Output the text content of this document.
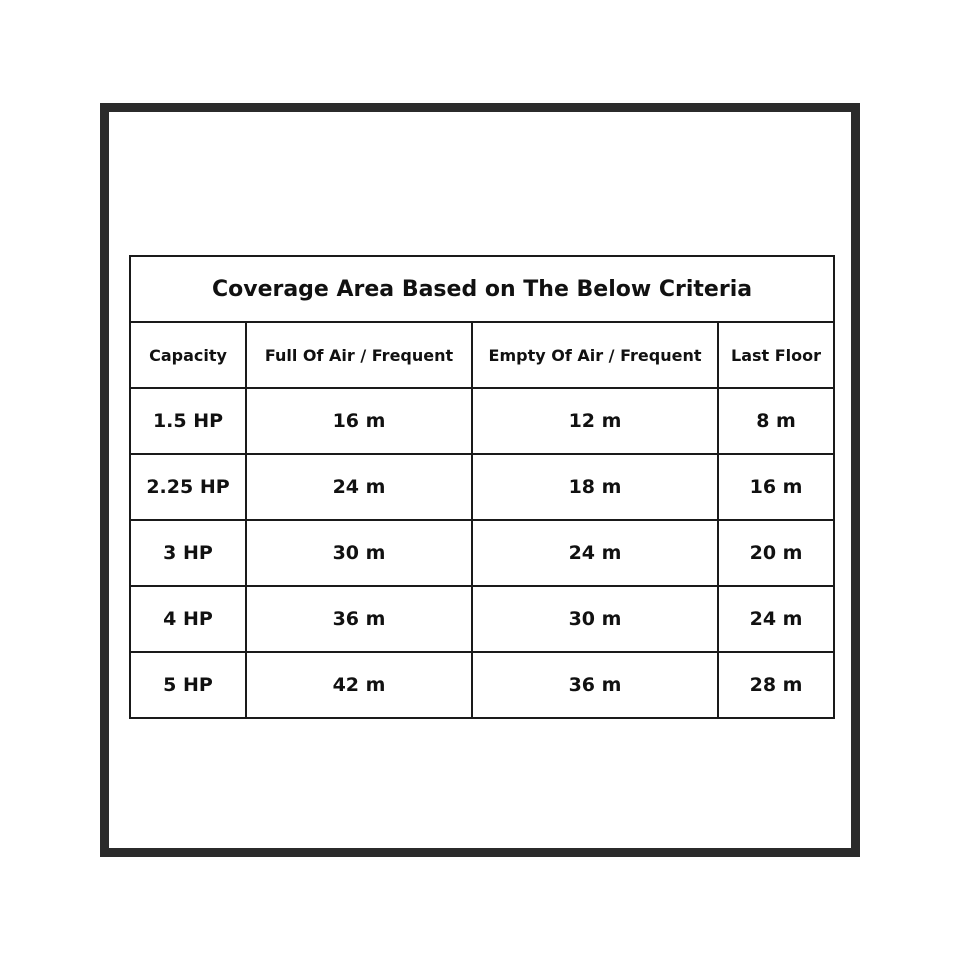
Coverage Area Based on The Below Criteria			
Capacity	Full Of Air / Frequent	Empty Of Air / Frequent	Last Floor
1.5 HP	16 m	12 m	8 m
2.25 HP	24 m	18 m	16 m
3 HP	30 m	24 m	20 m
4 HP	36 m	30 m	24 m
5 HP	42 m	36 m	28 m
